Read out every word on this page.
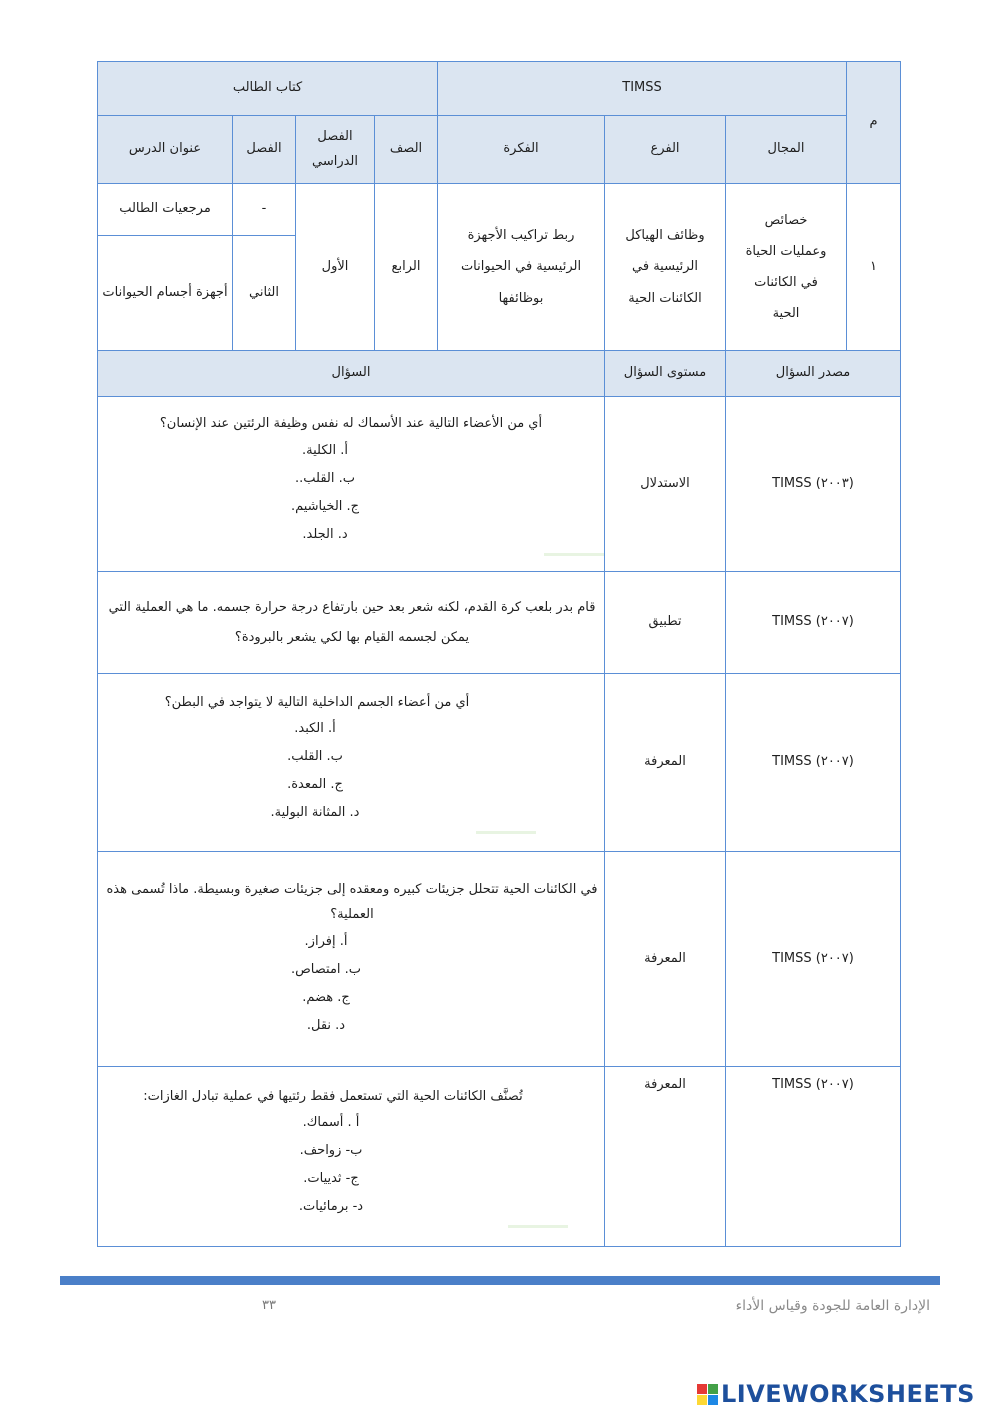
م	TIMSS			كتاب الطالب			
	المجال	الفرع	الفكرة	الصف	الفصل الدراسي	الفصل	عنوان الدرس
١	خصائص وعمليات الحياة في الكائنات الحية	وظائف الهياكل الرئيسية في الكائنات الحية	ربط تراكيب الأجهزة الرئيسية في الحيوانات بوظائفها	الرابع	الأول	-	مرجعيات الطالب
						الثاني	أجهزة أجسام الحيوانات
مصدر السؤال		مستوى السؤال	السؤال				
TIMSS (٢٠٠٣)		الاستدلال	أي من الأعضاء التالية عند الأسماك له نفس وظيفة الرئتين عند الإنسان؟
أ. الكلية.
ب. القلب..
ج. الخياشيم.
د. الجلد.				

TIMSS (٢٠٠٧)		تطبيق	قام بدر بلعب كرة القدم، لكنه شعر بعد حين بارتفاع درجة حرارة جسمه. ما هي العملية التي يمكن لجسمه القيام بها لكي يشعر بالبرودة؟				

TIMSS (٢٠٠٧)		المعرفة	أي من أعضاء الجسم الداخلية التالية لا يتواجد في البطن؟
أ. الكبد.
ب. القلب.
ج. المعدة.
د. المثانة البولية.				

TIMSS (٢٠٠٧)		المعرفة	في الكائنات الحية تتحلل جزيئات كبيره ومعقده إلى جزيئات صغيرة وبسيطة. ماذا تُسمى هذه العملية؟
أ. إفراز.
ب. امتصاص.
ج. هضم.
د. نقل.				

TIMSS (٢٠٠٧)		المعرفة	تُصنَّف الكائنات الحية التي تستعمل فقط رئتيها في عملية تبادل الغازات:
أ . أسماك.
ب- زواحف.
ج- ثدييات.
د- برمائيات.				
٣٣	الإدارة العامة للجودة وقياس الأداء
LIVEWORKSHEETS
